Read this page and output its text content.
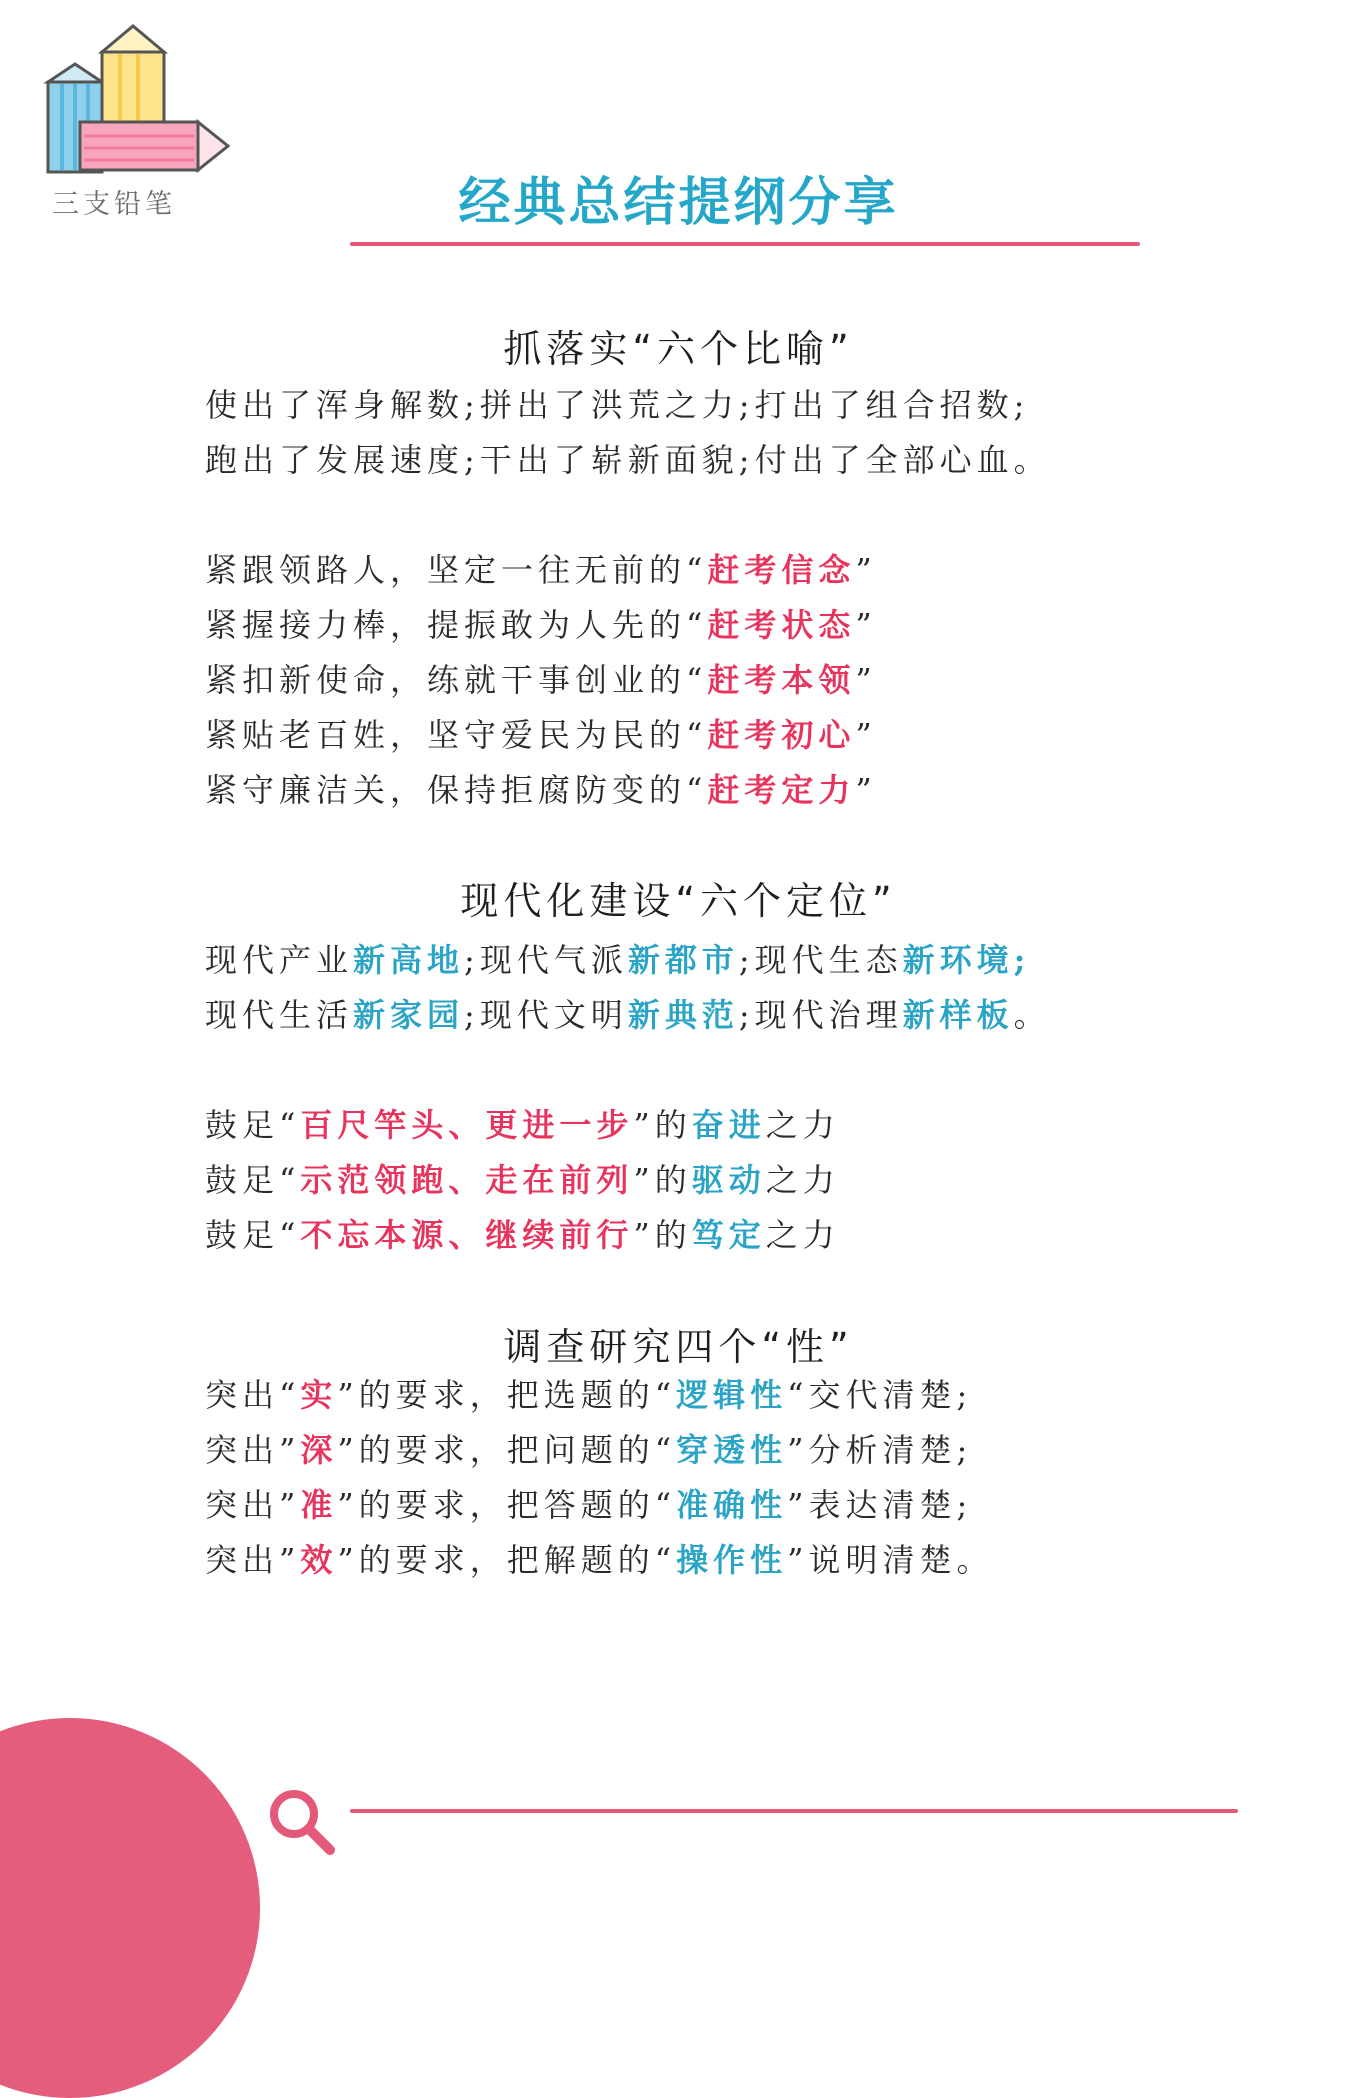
三支铅笔	经典总结提纲分享
抓落实“六个比喻”
使出了浑身解数;拼出了洪荒之力;打出了组合招数;
跑出了发展速度;干出了崭新面貌;付出了全部心血。
紧跟领路人，坚定一往无前的“赶考信念”
紧握接力棒，提振敢为人先的“赶考状态”
紧扣新使命，练就干事创业的“赶考本领”
紧贴老百姓，坚守爱民为民的“赶考初心”
紧守廉洁关，保持拒腐防变的“赶考定力”
现代化建设“六个定位”
现代产业新高地;现代气派新都市;现代生态新环境;
现代生活新家园;现代文明新典范;现代治理新样板。
鼓足“百尺竿头、更进一步”的奋进之力
鼓足“示范领跑、走在前列”的驱动之力
鼓足“不忘本源、继续前行”的笃定之力
调查研究四个“性”
突出“实”的要求，把选题的“逻辑性“交代清楚;
突出”深”的要求，把问题的“穿透性”分析清楚;
突出”准”的要求，把答题的“准确性”表达清楚;
突出”效”的要求，把解题的“操作性”说明清楚。
